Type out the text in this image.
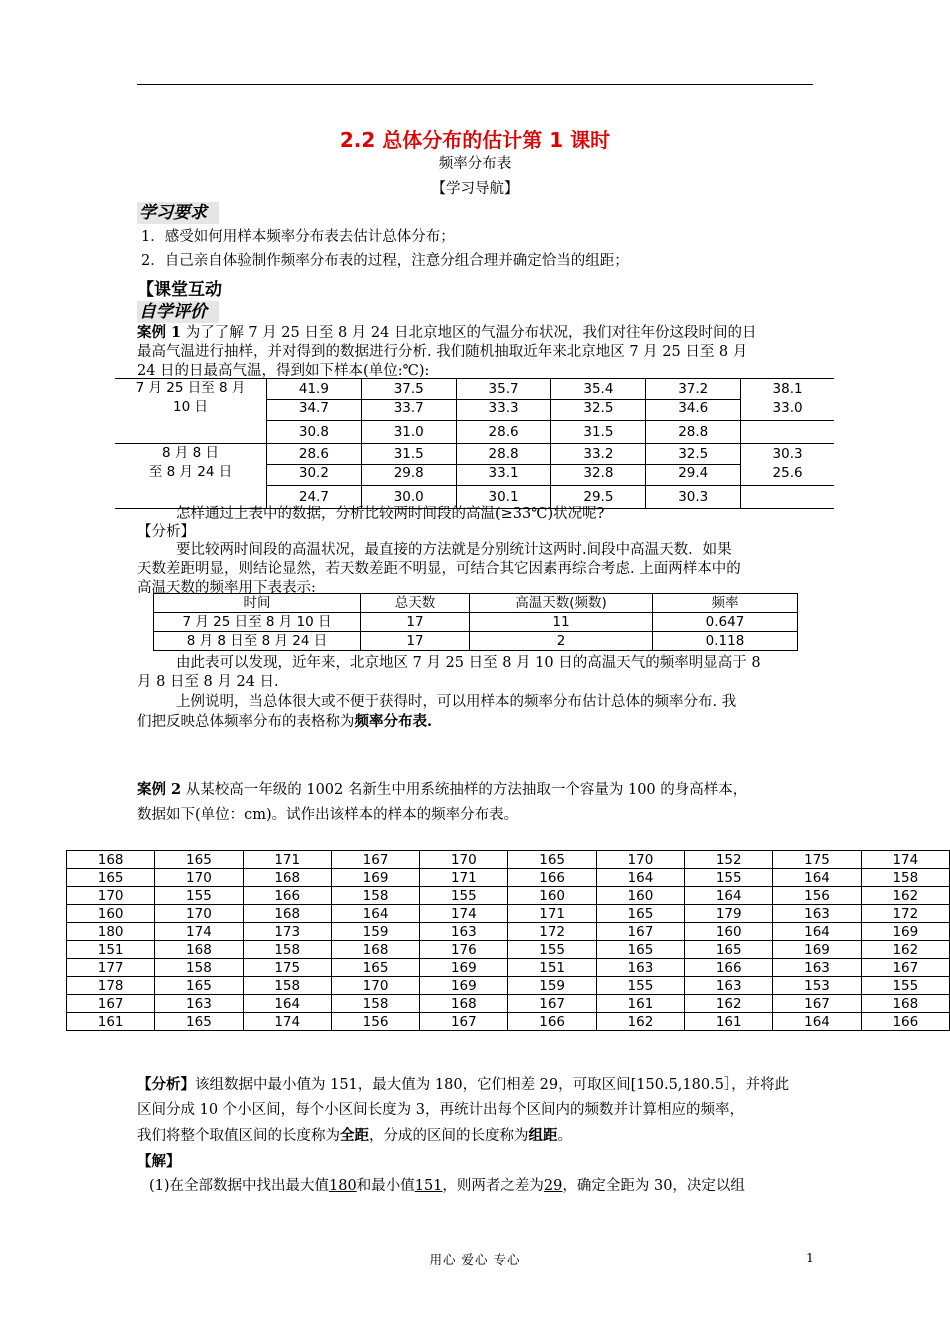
2.2 总体分布的估计第 1 课时
频率分布表
【学习导航】
学习要求
1．感受如何用样本频率分布表去估计总体分布；
2．自己亲自体验制作频率分布表的过程，注意分组合理并确定恰当的组距；
【课堂互动
自学评价
案例 1 为了了解 7 月 25 日至 8 月 24 日北京地区的气温分布状况，我们对往年份这段时间的日
最高气温进行抽样，并对得到的数据进行分析. 我们随机抽取近年来北京地区 7 月 25 日至 8 月
24 日的日最高气温，得到如下样本(单位:℃):
7 月 25 日至 8 月
10 日	41.9	37.5	35.7	35.4	37.2	38.1
	34.7	33.7	33.3	32.5	34.6	33.0
	30.8	31.0	28.6	31.5	28.8	

8 月 8 日
至 8 月 24 日	28.6	31.5	28.8	33.2	32.5	30.3
	30.2	29.8	33.1	32.8	29.4	25.6
	24.7	30.0	30.1	29.5	30.3	
怎样通过上表中的数据，分析比较两时间段的高温(≥33℃)状况呢?
【分析】
要比较两时间段的高温状况，最直接的方法就是分别统计这两时.间段中高温天数．如果
天数差距明显，则结论显然，若天数差距不明显，可结合其它因素再综合考虑. 上面两样本中的
高温天数的频率用下表表示:
时间	总天数	高温天数(频数)	频率
7 月 25 日至 8 月 10 日	17	11	0.647
8 月 8 日至 8 月 24 日	17	2	0.118
由此表可以发现，近年来，北京地区 7 月 25 日至 8 月 10 日的高温天气的频率明显高于 8
月 8 日至 8 月 24 日.
上例说明，当总体很大或不便于获得时，可以用样本的频率分布估计总体的频率分布. 我
们把反映总体频率分布的表格称为频率分布表.
案例 2 从某校高一年级的 1002 名新生中用系统抽样的方法抽取一个容量为 100 的身高样本，
数据如下(单位：cm)。试作出该样本的样本的频率分布表。
168	165	171	167	170	165	170	152	175	174
165	170	168	169	171	166	164	155	164	158
170	155	166	158	155	160	160	164	156	162
160	170	168	164	174	171	165	179	163	172
180	174	173	159	163	172	167	160	164	169
151	168	158	168	176	155	165	165	169	162
177	158	175	165	169	151	163	166	163	167
178	165	158	170	169	159	155	163	153	155
167	163	164	158	168	167	161	162	167	168
161	165	174	156	167	166	162	161	164	166
【分析】该组数据中最小值为 151，最大值为 180，它们相差 29，可取区间[150.5,180.5］，并将此
区间分成 10 个小区间，每个小区间长度为 3，再统计出每个区间内的频数并计算相应的频率，
我们将整个取值区间的长度称为全距，分成的区间的长度称为组距。
【解】
(1)在全部数据中找出最大值180和最小值151，则两者之差为29，确定全距为 30，决定以组
用心 爱心 专心	1
